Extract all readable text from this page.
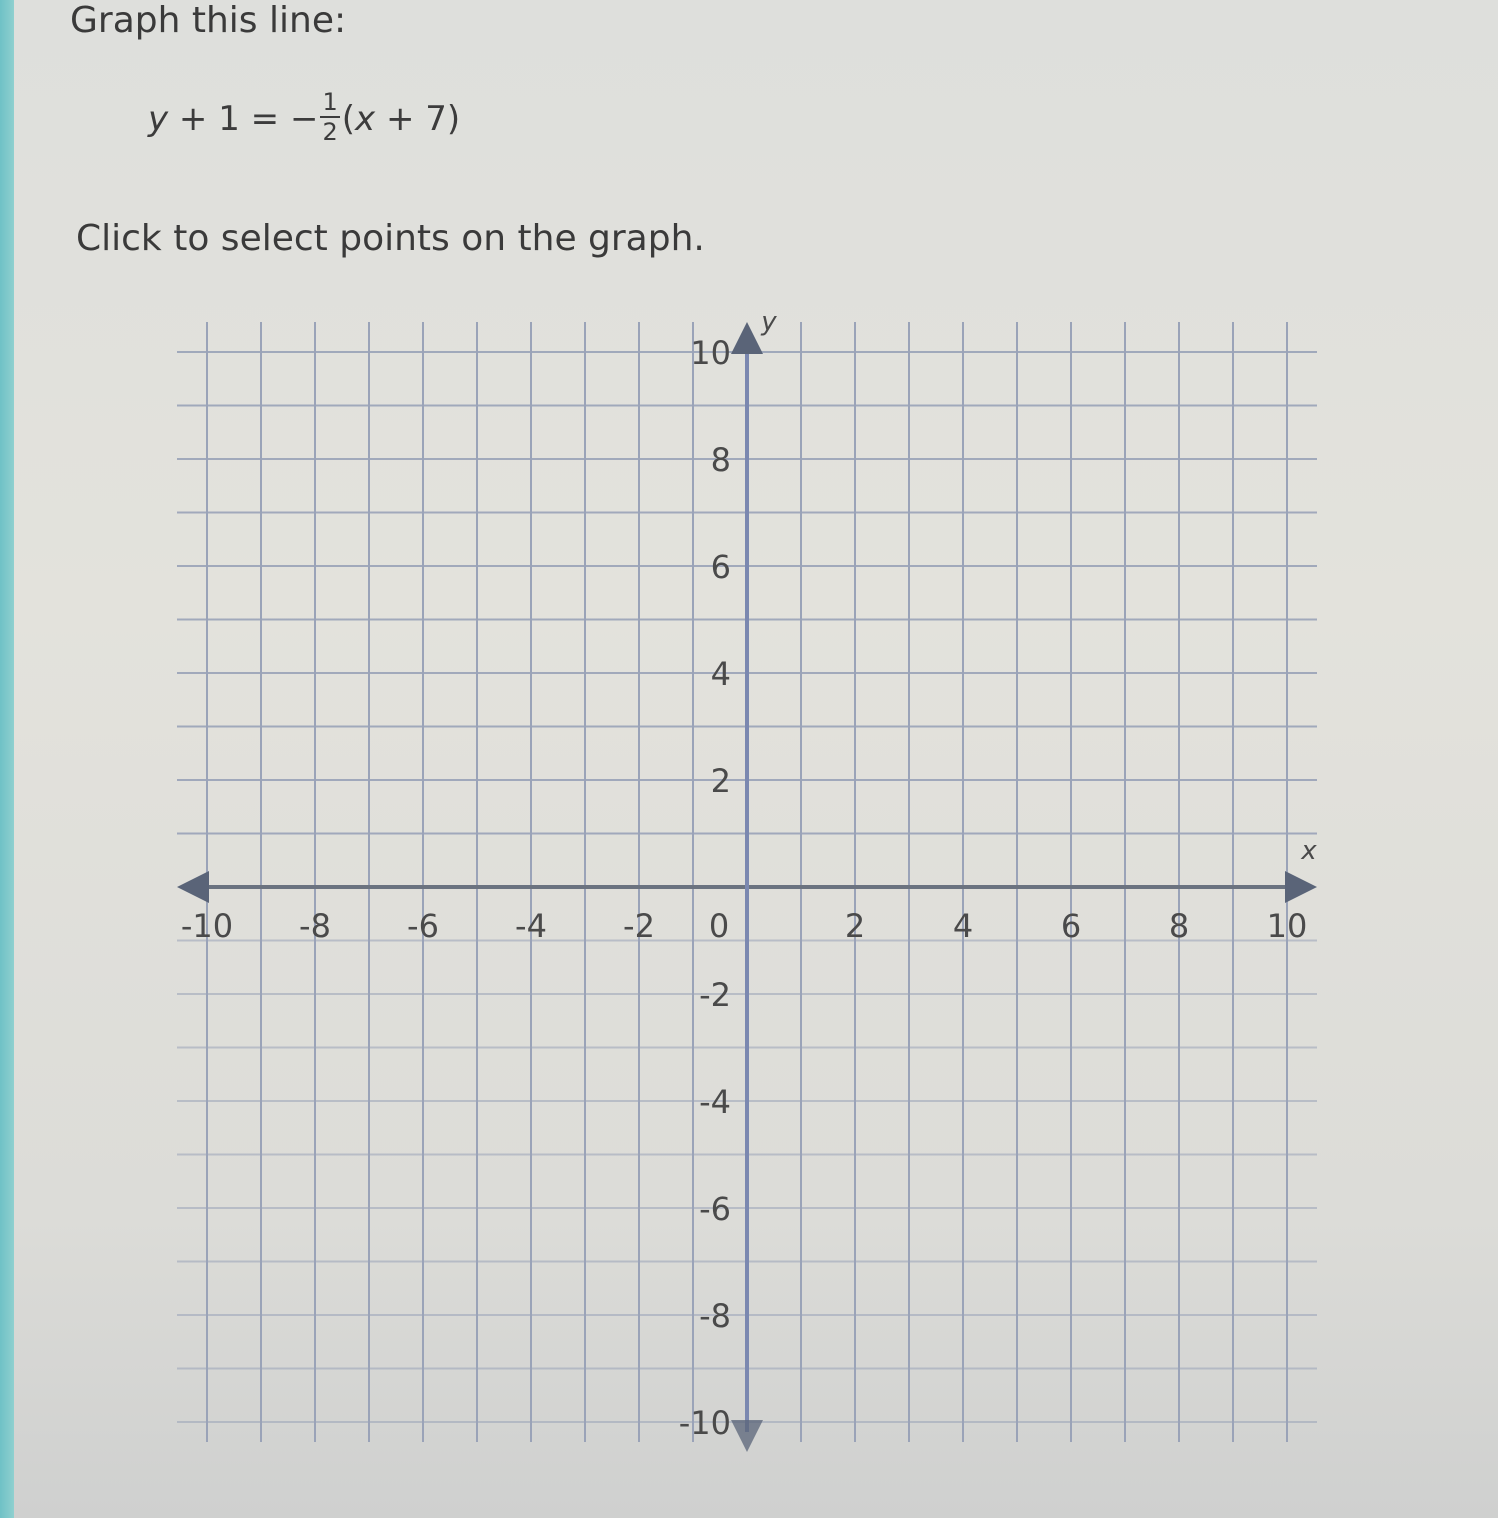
Graph this line:
y + 1 = − $\frac{1}{2}$ ( x + 7)
Click to select points on the graph.
x
y
-10 -8 -6 -4 -2 0	2	4	6	8 10
10
8
6
4
2
-2
-4
-6
-8
-10
